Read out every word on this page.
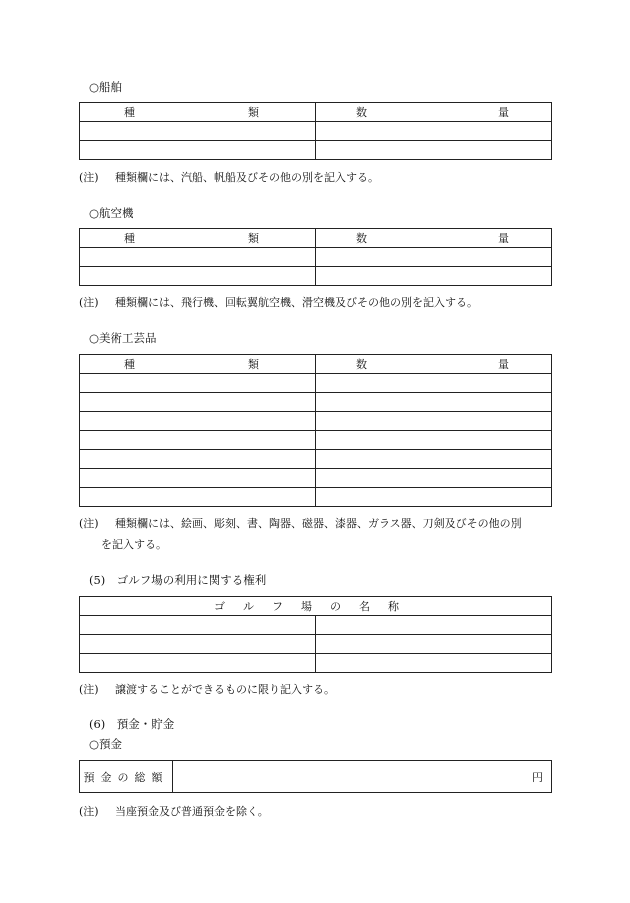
○船舶
種 類	数 量

(注) 種類欄には、汽船、帆船及びその他の別を記入する。
○航空機
種 類	数 量

(注) 種類欄には、飛行機、回転翼航空機、滑空機及びその他の別を記入する。
○美術工芸品
種 類	数 量

(注) 種類欄には、絵画、彫刻、書、陶器、磁器、漆器、ガラス器、刀剣及びその他の別
を記入する。
(5)　ゴルフ場の利用に関する権利
ゴルフ場の名称	

(注) 譲渡することができるものに限り記入する。
(6)　預金・貯金
○預金
預金の総額	円
(注) 当座預金及び普通預金を除く。
